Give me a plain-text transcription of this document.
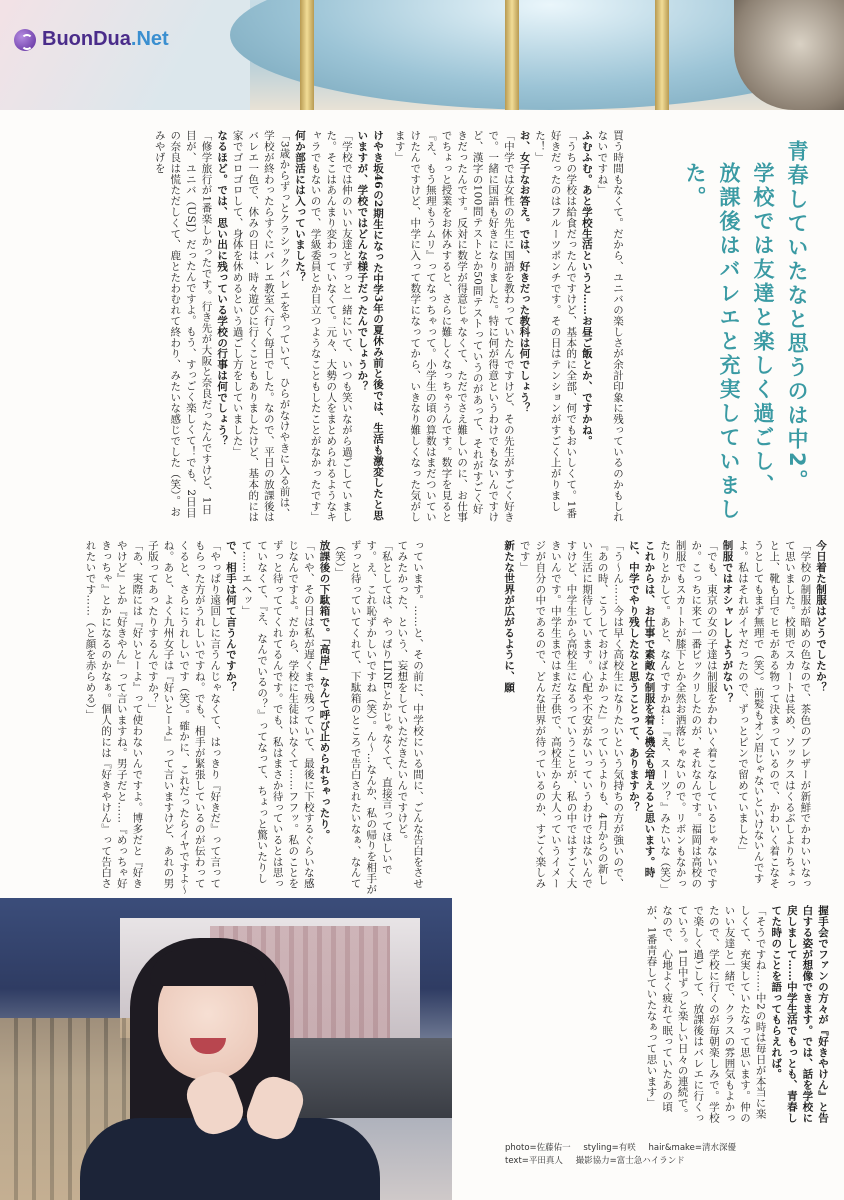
BuonDua.Net
青春していたなと思うのは中2。
学校では友達と楽しく過ごし、
放課後はバレエと充実していました。

買う時間もなくて。だから、ユニバの楽しさが余計印象に残っているのかもしれないですね」

ふむふむ。あと学校生活というと……お昼ご飯とか、ですかね。

「うちの学校は給食だったんですけど、基本的に全部、何でもおいしくて。1番好きだったのはフルーツポンチです。その日はテンションがすごく上がりました！」

お、女子なお答え。では、好きだった教科は何でしょう？

「中学では女性の先生に国語を教わっていたんですけど、その先生がすごく好きで。一緒に国語も好きになりました。特に何が得意というわけでもないんですけど、漢字の100問テストとか50問テストっていうのがあって、それがすごく好きだったんです。反対に数学が得意じゃなくて、ただでさえ難しいのに、お仕事でちょっと授業をお休みすると、さらに難しくなっちゃうんです。数字を見ると『え、もう無理もうムリ』ってなっちゃって。小学生の頃の算数はまだついていけたんですけど、中学に入って数学になってから、いきなり難しくなった気がします」

けやき坂46の2期生になった中学3年の夏休み前と後では、生活も激変したと思いますが、学校ではどんな様子だったんでしょうか？

「学校では仲のいい友達とずっと一緒にいて、いつも笑いながら過ごしていました。そこはあんまり変わっていなくて。元々、大勢の人をまとめられるようなキャラでもないので、学級委員とか目立つようなこともしたことがなかったです」

何か部活には入っていました？

「3歳からずっとクラシックバレエをやっていて、ひらがなけやきに入る前は、学校が終わったらすぐにバレエ教室へ行く毎日でした。なので、平日の放課後はバレエ一色で、休みの日は、時々遊びに行くこともありましたけど、基本的には家でゴロゴロして、身体を休めるという過ごし方をしていました」

なるほど。では、思い出に残っている学校の行事は何でしょう？

「修学旅行が1番楽しかったです。行き先が大阪と奈良だったんですけど、1日目が、ユニバ（USJ）だったんですよ。もう、すっごく楽しくて！でも、2日目の奈良は慌ただしくて、鹿とたわむれて終わり、みたいな感じでした（笑）。おみやげを

今日着た制服はどうでしたか？

「学校の制服が暗めの色なので、茶色のブレザーが新鮮でかわいいなって思いました。校則でスカートは長め、ソックスはくるぶしよりちょっと上、靴も白でヒモがある物って決まっているので、かわいく着こなそうとしてもまず無理で（笑）。前髪もオン眉じゃないといけないんですよ。私はそれがイヤだったので、ずっとピンで留めていました」

制服ではオシャレしようがない？

「でも、東京の女の子達は制服をかわいく着こなしているじゃないですか。こっちに来て一番ビックリしたのが、それなんです。福岡は高校の制服でもスカートが膝下とか全然お洒落じゃないので。リボンもなかったりとかして。あと、なんですかね…『え、スーツ？』みたいな（笑）」

これからは、お仕事で素敵な制服を着る機会も増えると思います。時に、中学でやり残したなと思うことって、ありますか？

「う〜ん……今は早く高校生になりたいという気持ちの方が強いので、『あの時、こうしておけばよかった』っていうよりも、4月からの新しい生活に期待しています。心配や不安がないっていうわけではないんですけど、中学生から高校生になるっていうことが、私の中ではすごく大きいんです。中学生まではまだ子供で、高校生から大人っていうイメージが自分の中であるので、どんな世界が待っているのか、すごく楽しみです」

新たな世界が広がるように、願

っています。……と、その前に、中学校にいる間に、ごんな告白をさせてみたかった、という、妄想をしていただきたいんですけど。

「私としては、やっぱりLINEとかじゃなくて、直接言ってほしいです。え、これ恥ずかしいですね（笑）。ん〜…なんか、私の帰りを相手がずっと待っていてくれて、下駄箱のところで告白されたいなぁ、なんて（笑）」

放課後の下駄箱で。「高岸」なんて呼び止められちゃったり。

「いや、その日は私が遅くまで残っていて、最後に下校するぐらいな感じなんですよ。だから、学校に生徒はいなくて……フフッ。私のことをずっと待っててくれてるんです。でも、私はまさか待っているとは思っていなくて、『え、なんでいるの？』ってなって、ちょっと驚いたりして……エヘッ」

で、相手は何て言うんですか？

「やっぱり遠回しに言うんじゃなくて、はっきり『好きだ』って言ってもらった方がうれしいですね。でも、相手が緊張しているのが伝わってくると、さらにうれしいです（笑）。確かに、これだったらイヤですよ〜ね。あと、よく九州女子は『好いとーよ』って言いますけど、あれの男子版ってあったりするんですか？」

「あ、実際には『好いとーよ』って使わないんですよ。博多だと『好きやけど』とか『好きやん』って言いますね。男子だと……『めっちゃ好きっちゃ』とかになるのかなぁ。個人的には『好きやけん』って告白されたいです……（と顔を赤らめる）」

握手会でファンの方々が『好きやけん』と告白する姿が想像できます。では、話を学校に戻しまして……中学生活でもっとも、青春してた時のことを語ってもらえれば。

「そうですね……中2の時は毎日が本当に楽しくて、充実していたなって思います。仲のいい友達と一緒で、クラスの雰囲気もよかったので、学校に行くのが毎朝楽しみで。学校で楽しく過ごして、放課後はバレエに行くっていう。1日中ずっと楽しい日々の連続で。なので、心地よく疲れて眠っていたあの頃が、1番青春していたなぁって思います」

photo=佐藤佑一 styling=有咲 hair&make=清水深優
text=平田真人 撮影協力=富士急ハイランド
